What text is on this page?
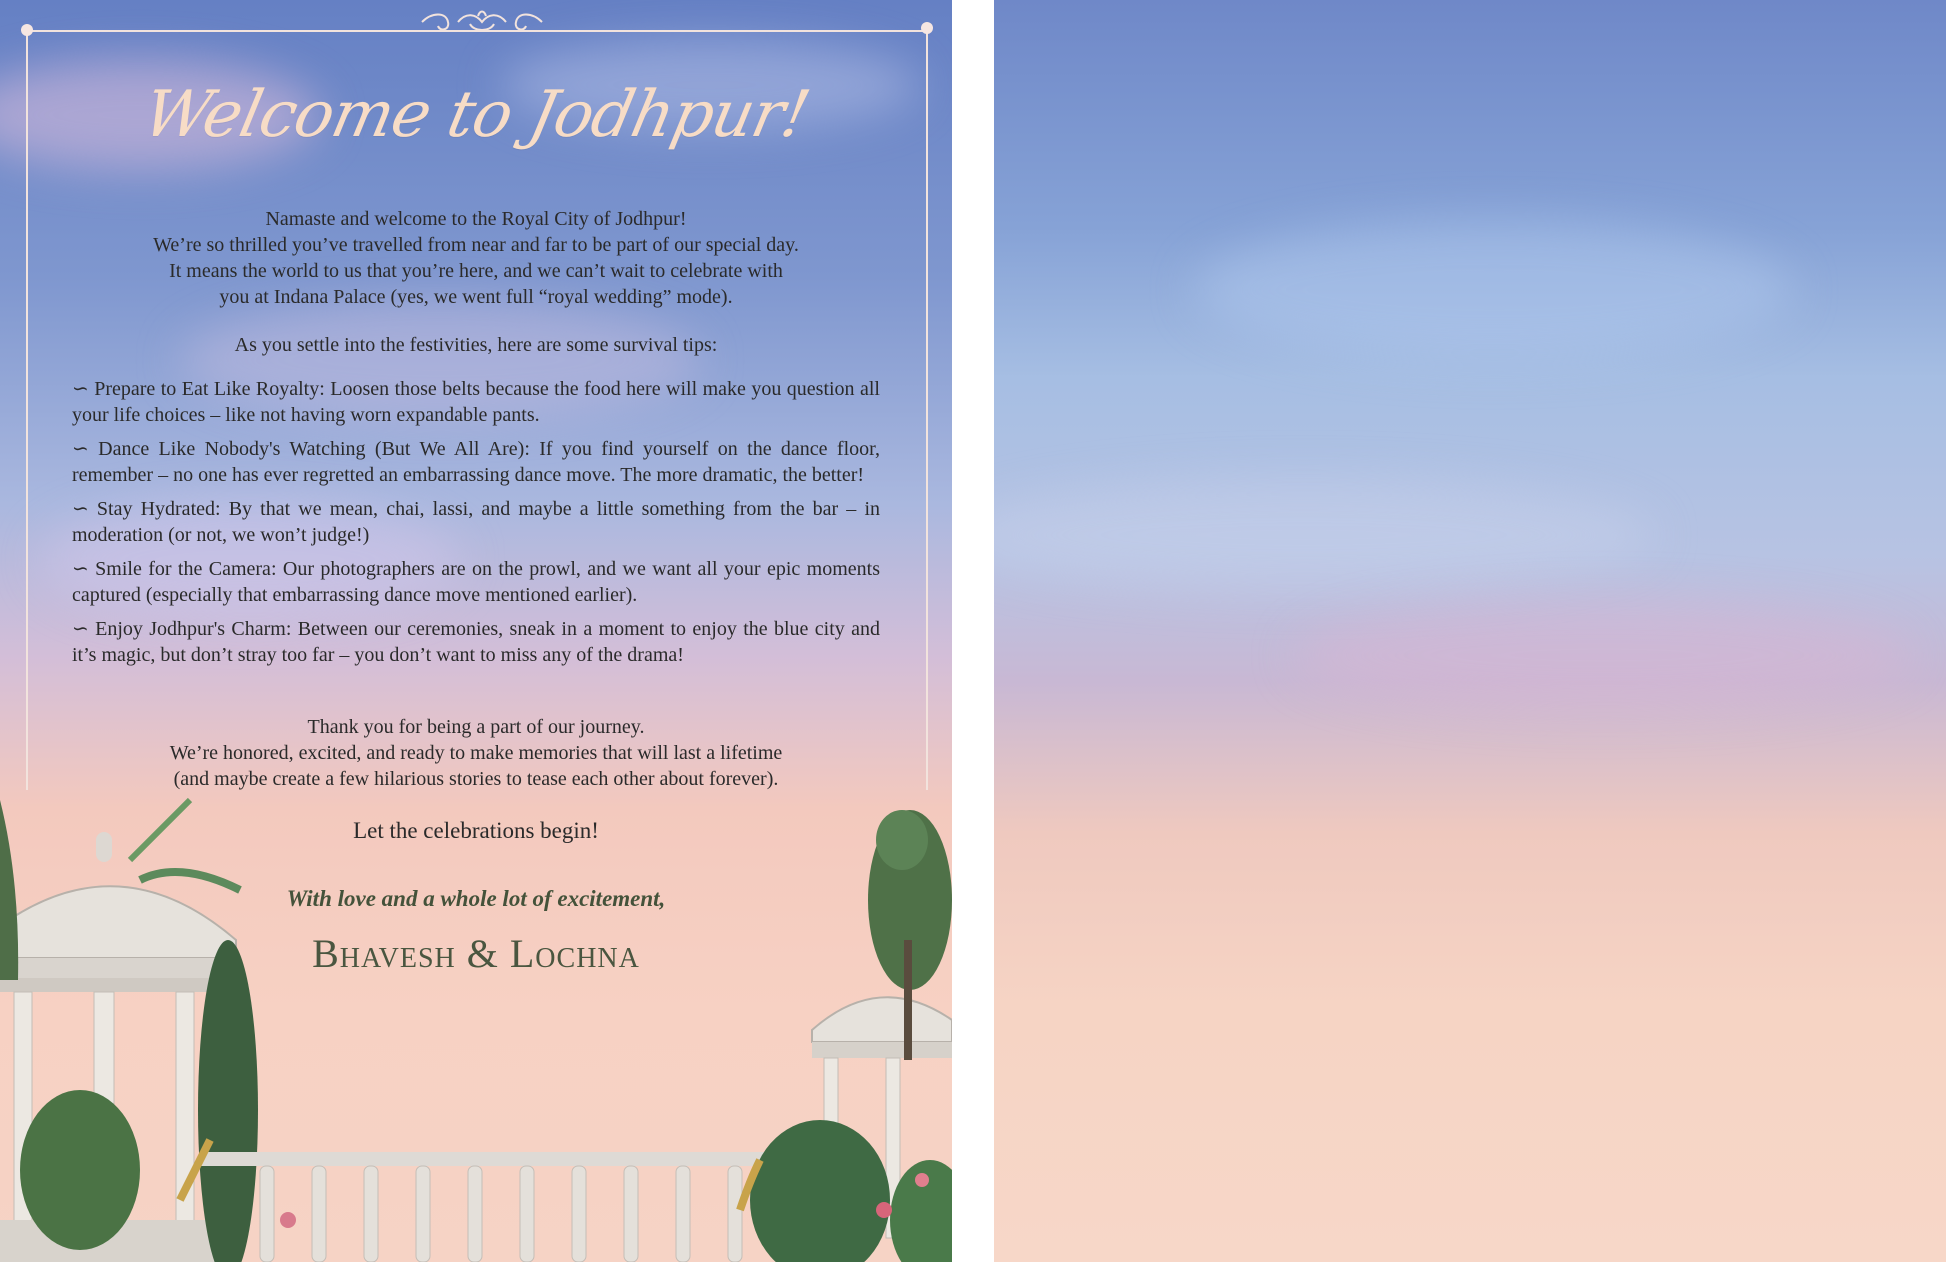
Welcome to Jodhpur!
Namaste and welcome to the Royal City of Jodhpur!
We’re so thrilled you’ve travelled from near and far to be part of our special day.
It means the world to us that you’re here, and we can’t wait to celebrate with
you at Indana Palace (yes, we went full “royal wedding” mode).
As you settle into the festivities, here are some survival tips:
∽ Prepare to Eat Like Royalty: Loosen those belts because the food here will make you question all your life choices – like not having worn expandable pants.
∽ Dance Like Nobody's Watching (But We All Are): If you find yourself on the dance floor, remember – no one has ever regretted an embarrassing dance move. The more dramatic, the better!
∽ Stay Hydrated: By that we mean, chai, lassi, and maybe a little something from the bar – in moderation (or not, we won’t judge!)
∽ Smile for the Camera: Our photographers are on the prowl, and we want all your epic moments captured (especially that embarrassing dance move mentioned earlier).
∽ Enjoy Jodhpur's Charm: Between our ceremonies, sneak in a moment to enjoy the blue city and it’s magic, but don’t stray too far – you don’t want to miss any of the drama!
Thank you for being a part of our journey.
We’re honored, excited, and ready to make memories that will last a lifetime
(and maybe create a few hilarious stories to tease each other about forever).
Let the celebrations begin!
With love and a whole lot of excitement,
Bhavesh & Lochna
